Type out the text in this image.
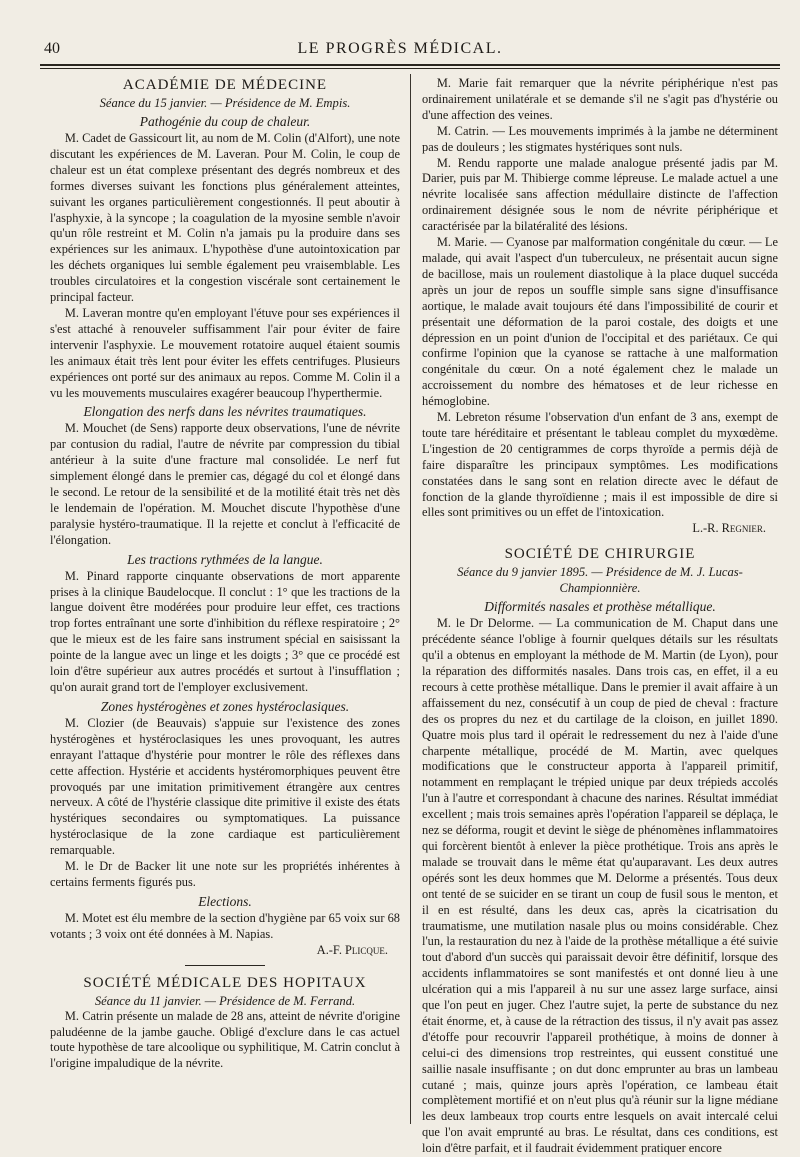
40	LE PROGRÈS MÉDICAL.

ACADÉMIE DE MÉDECINE

Séance du 15 janvier. — Présidence de M. Empis.

Pathogénie du coup de chaleur.

M. Cadet de Gassicourt lit, au nom de M. Colin (d'Alfort), une note discutant les expériences de M. Laveran. Pour M. Colin, le coup de chaleur est un état complexe présentant des degrés nombreux et des formes diverses suivant les fonctions plus généralement atteintes, suivant les organes particulièrement congestionnés. Il peut aboutir à l'asphyxie, à la syncope ; la coagulation de la myosine semble n'avoir qu'un rôle restreint et M. Colin n'a jamais pu la produire dans ses expériences sur les animaux. L'hypothèse d'une autointoxication par les déchets organiques lui semble également peu vraisemblable. Les troubles circulatoires et la congestion viscérale sont certainement le principal facteur.

M. Laveran montre qu'en employant l'étuve pour ses expériences il s'est attaché à renouveler suffisamment l'air pour éviter de faire intervenir l'asphyxie. Le mouvement rotatoire auquel étaient soumis les animaux était très lent pour éviter les effets centrifuges. Plusieurs expériences ont porté sur des animaux au repos. Comme M. Colin il a vu les mouvements musculaires exagérer beaucoup l'hyperthermie.

Elongation des nerfs dans les névrites traumatiques.

M. Mouchet (de Sens) rapporte deux observations, l'une de névrite par contusion du radial, l'autre de névrite par compression du tibial antérieur à la suite d'une fracture mal consolidée. Le nerf fut simplement élongé dans le premier cas, dégagé du col et élongé dans le second. Le retour de la sensibilité et de la motilité était très net dès le lendemain de l'opération. M. Mouchet discute l'hypothèse d'une paralysie hystéro-traumatique. Il la rejette et conclut à l'efficacité de l'élongation.

Les tractions rythmées de la langue.

M. Pinard rapporte cinquante observations de mort apparente prises à la clinique Baudelocque. Il conclut : 1° que les tractions de la langue doivent être modérées pour produire leur effet, ces tractions trop fortes entraînant une sorte d'inhibition du réflexe respiratoire ; 2° que le mieux est de les faire sans instrument spécial en saisissant la pointe de la langue avec un linge et les doigts ; 3° que ce procédé est loin d'être supérieur aux autres procédés et surtout à l'insufflation ; qu'on aurait grand tort de l'employer exclusivement.

Zones hystérogènes et zones hystéroclasiques.

M. Clozier (de Beauvais) s'appuie sur l'existence des zones hystérogènes et hystéroclasiques les unes provoquant, les autres enrayant l'attaque d'hystérie pour montrer le rôle des réflexes dans cette affection. Hystérie et accidents hystéromorphiques peuvent être provoqués par une imitation primitivement étrangère aux centres nerveux. A côté de l'hystérie classique dite primitive il existe des états hystériques secondaires ou symptomatiques. La puissance hystéroclasique de la zone cardiaque est particulièrement remarquable.

M. le Dr de Backer lit une note sur les propriétés inhérentes à certains ferments figurés pus.

Elections.

M. Motet est élu membre de la section d'hygiène par 65 voix sur 68 votants ; 3 voix ont été données à M. Napias.

A.-F. Plicque.

SOCIÉTÉ MÉDICALE DES HOPITAUX

Séance du 11 janvier. — Présidence de M. Ferrand.

M. Catrin présente un malade de 28 ans, atteint de névrite d'origine paludéenne de la jambe gauche. Obligé d'exclure dans le cas actuel toute hypothèse de tare alcoolique ou syphilitique, M. Catrin conclut à l'origine impaludique de la névrite.

M. Marie fait remarquer que la névrite périphérique n'est pas ordinairement unilatérale et se demande s'il ne s'agit pas d'hystérie ou d'une affection des veines.

M. Catrin. — Les mouvements imprimés à la jambe ne déterminent pas de douleurs ; les stigmates hystériques sont nuls.

M. Rendu rapporte une malade analogue présenté jadis par M. Darier, puis par M. Thibierge comme lépreuse. Le malade actuel a une névrite localisée sans affection médullaire distincte de l'affection ordinairement désignée sous le nom de névrite périphérique et caractérisée par la bilatéralité des lésions.

M. Marie. — Cyanose par malformation congénitale du cœur. — Le malade, qui avait l'aspect d'un tuberculeux, ne présentait aucun signe de bacillose, mais un roulement diastolique à la place duquel succéda après un jour de repos un souffle simple sans signe d'insuffisance aortique, le malade avait toujours été dans l'impossibilité de courir et présentait une déformation de la paroi costale, des doigts et une dépression en un point d'union de l'occipital et des pariétaux. Ce qui confirme l'opinion que la cyanose se rattache à une malformation congénitale du cœur. On a noté également chez le malade un accroissement du nombre des hématoses et de leur richesse en hémoglobine.

M. Lebreton résume l'observation d'un enfant de 3 ans, exempt de toute tare héréditaire et présentant le tableau complet du myxœdème. L'ingestion de 20 centigrammes de corps thyroïde a permis déjà de faire disparaître les principaux symptômes. Les modifications constatées dans le sang sont en relation directe avec le défaut de fonction de la glande thyroïdienne ; mais il est impossible de dire si elles sont primitives ou un effet de l'intoxication.

L.-R. Regnier.

SOCIÉTÉ DE CHIRURGIE

Séance du 9 janvier 1895. — Présidence de M. J. Lucas-Championnière.

Difformités nasales et prothèse métallique.

M. le Dr Delorme. — La communication de M. Chaput dans une précédente séance l'oblige à fournir quelques détails sur les résultats qu'il a obtenus en employant la méthode de M. Martin (de Lyon), pour la réparation des difformités nasales. Dans trois cas, en effet, il a eu recours à cette prothèse métallique. Dans le premier il avait affaire à un affaissement du nez, consécutif à un coup de pied de cheval : fracture des os propres du nez et du cartilage de la cloison, en juillet 1890. Quatre mois plus tard il opérait le redressement du nez à l'aide d'une charpente métallique, procédé de M. Martin, avec quelques modifications que le constructeur apporta à l'appareil primitif, notamment en remplaçant le trépied unique par deux trépieds accolés l'un à l'autre et correspondant à chacune des narines. Résultat immédiat excellent ; mais trois semaines après l'opération l'appareil se déplaça, le nez se déforma, rougit et devint le siège de phénomènes inflammatoires qui forcèrent bientôt à enlever la pièce prothétique. Trois ans après le malade se trouvait dans le même état qu'auparavant. Les deux autres opérés sont les deux hommes que M. Delorme a présentés. Tous deux ont tenté de se suicider en se tirant un coup de fusil sous le menton, et il en est résulté, dans les deux cas, après la cicatrisation du traumatisme, une mutilation nasale plus ou moins considérable. Chez l'un, la restauration du nez à l'aide de la prothèse métallique a été suivie tout d'abord d'un succès qui paraissait devoir être définitif, lorsque des accidents inflammatoires se sont manifestés et ont donné lieu à une ulcération qui a mis l'appareil à nu sur une assez large surface, ainsi que l'on peut en juger. Chez l'autre sujet, la perte de substance du nez était énorme, et, à cause de la rétraction des tissus, il n'y avait pas assez d'étoffe pour recouvrir l'appareil prothétique, à moins de donner à celui-ci des dimensions trop restreintes, qui eussent constitué une saillie nasale insuffisante ; on dut donc emprunter au bras un lambeau cutané ; mais, quinze jours après l'opération, ce lambeau était complètement mortifié et on n'eut plus qu'à réunir sur la ligne médiane les deux lambeaux trop courts entre lesquels on avait intercalé celui que l'on avait emprunté au bras. Le résultat, dans ces conditions, est loin d'être parfait, et il faudrait évidemment pratiquer encore
